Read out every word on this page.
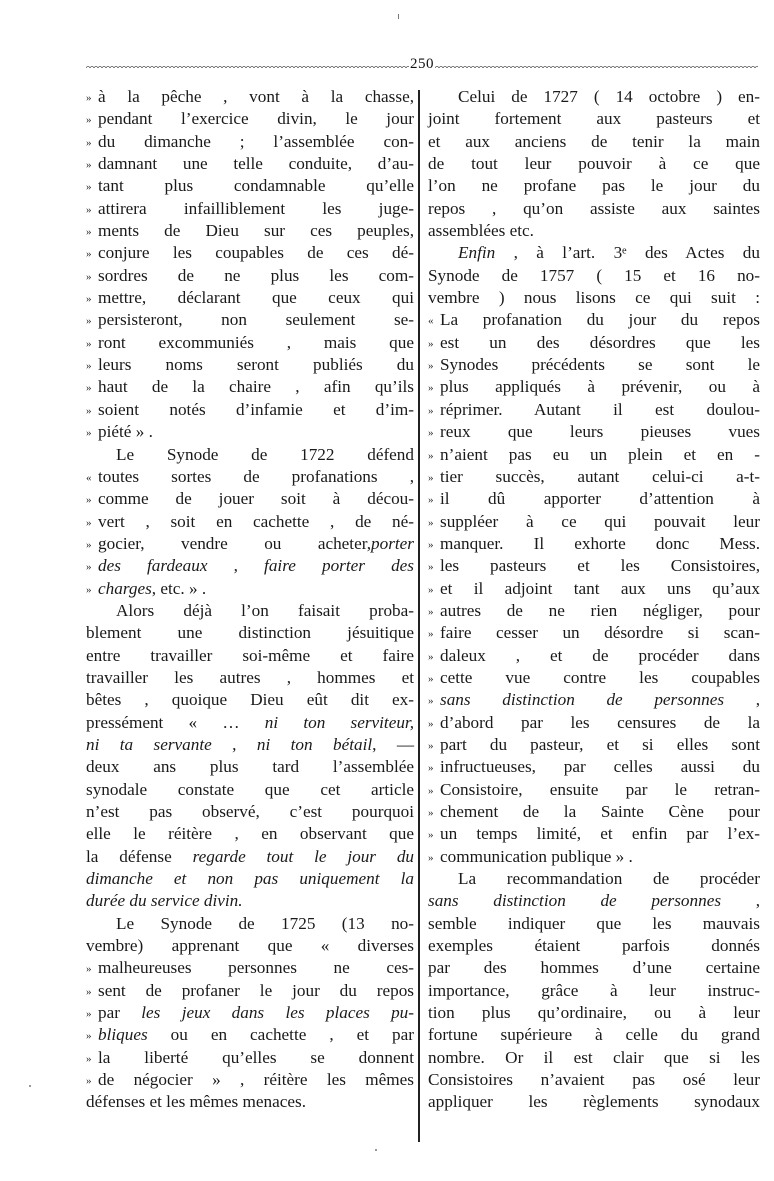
250
» à la pêche , vont à la chasse,
» pendant l’exercice divin, le jour
» du dimanche ; l’assemblée con-
» damnant une telle conduite, d’au-
» tant plus condamnable qu’elle
» attirera infailliblement les juge-
» ments de Dieu sur ces peuples,
» conjure les coupables de ces dé-
» sordres de ne plus les com-
» mettre, déclarant que ceux qui
» persisteront, non seulement se-
» ront excommuniés , mais que
» leurs noms seront publiés du
» haut de la chaire , afin qu’ils
» soient notés d’infamie et d’im-
» piété » .
Le Synode de 1722 défend
« toutes sortes de profanations ,
» comme de jouer soit à décou-
» vert , soit en cachette , de né-
» gocier, vendre ou acheter,porter
» des fardeaux , faire porter des
» charges, etc. » .
Alors déjà l’on faisait proba-
blement une distinction jésuitique
entre travailler soi-même et faire
travailler les autres , hommes et
bêtes , quoique Dieu eût dit ex-
pressément « … ni ton serviteur,
ni ta servante , ni ton bétail, —
deux ans plus tard l’assemblée
synodale constate que cet article
n’est pas observé, c’est pourquoi
elle le réitère , en observant que
la défense regarde tout le jour du
dimanche et non pas uniquement la
durée du service divin.
Le Synode de 1725 (13 no-
vembre) apprenant que « diverses
» malheureuses personnes ne ces-
» sent de profaner le jour du repos
» par les jeux dans les places pu-
» bliques ou en cachette , et par
» la liberté qu’elles se donnent
» de négocier » , réitère les mêmes
défenses et les mêmes menaces.
Celui de 1727 ( 14 octobre ) en-
joint fortement aux pasteurs et
et aux anciens de tenir la main
de tout leur pouvoir à ce que
l’on ne profane pas le jour du
repos , qu’on assiste aux saintes
assemblées etc.
Enfin , à l’art. 3ᵉ des Actes du
Synode de 1757 ( 15 et 16 no-
vembre ) nous lisons ce qui suit :
« La profanation du jour du repos
» est un des désordres que les
» Synodes précédents se sont le
» plus appliqués à prévenir, ou à
» réprimer. Autant il est doulou-
» reux que leurs pieuses vues
» n’aient pas eu un plein et en -
» tier succès, autant celui-ci a-t-
» il dû apporter d’attention à
» suppléer à ce qui pouvait leur
» manquer. Il exhorte donc Mess.
» les pasteurs et les Consistoires,
» et il adjoint tant aux uns qu’aux
» autres de ne rien négliger, pour
» faire cesser un désordre si scan-
» daleux , et de procéder dans
» cette vue contre les coupables
» sans distinction de personnes ,
» d’abord par les censures de la
» part du pasteur, et si elles sont
» infructueuses, par celles aussi du
» Consistoire, ensuite par le retran-
» chement de la Sainte Cène pour
» un temps limité, et enfin par l’ex-
» communication publique » .
La recommandation de procéder
sans distinction de personnes ,
semble indiquer que les mauvais
exemples étaient parfois donnés
par des hommes d’une certaine
importance, grâce à leur instruc-
tion plus qu’ordinaire, ou à leur
fortune supérieure à celle du grand
nombre. Or il est clair que si les
Consistoires n’avaient pas osé leur
appliquer les règlements synodaux
